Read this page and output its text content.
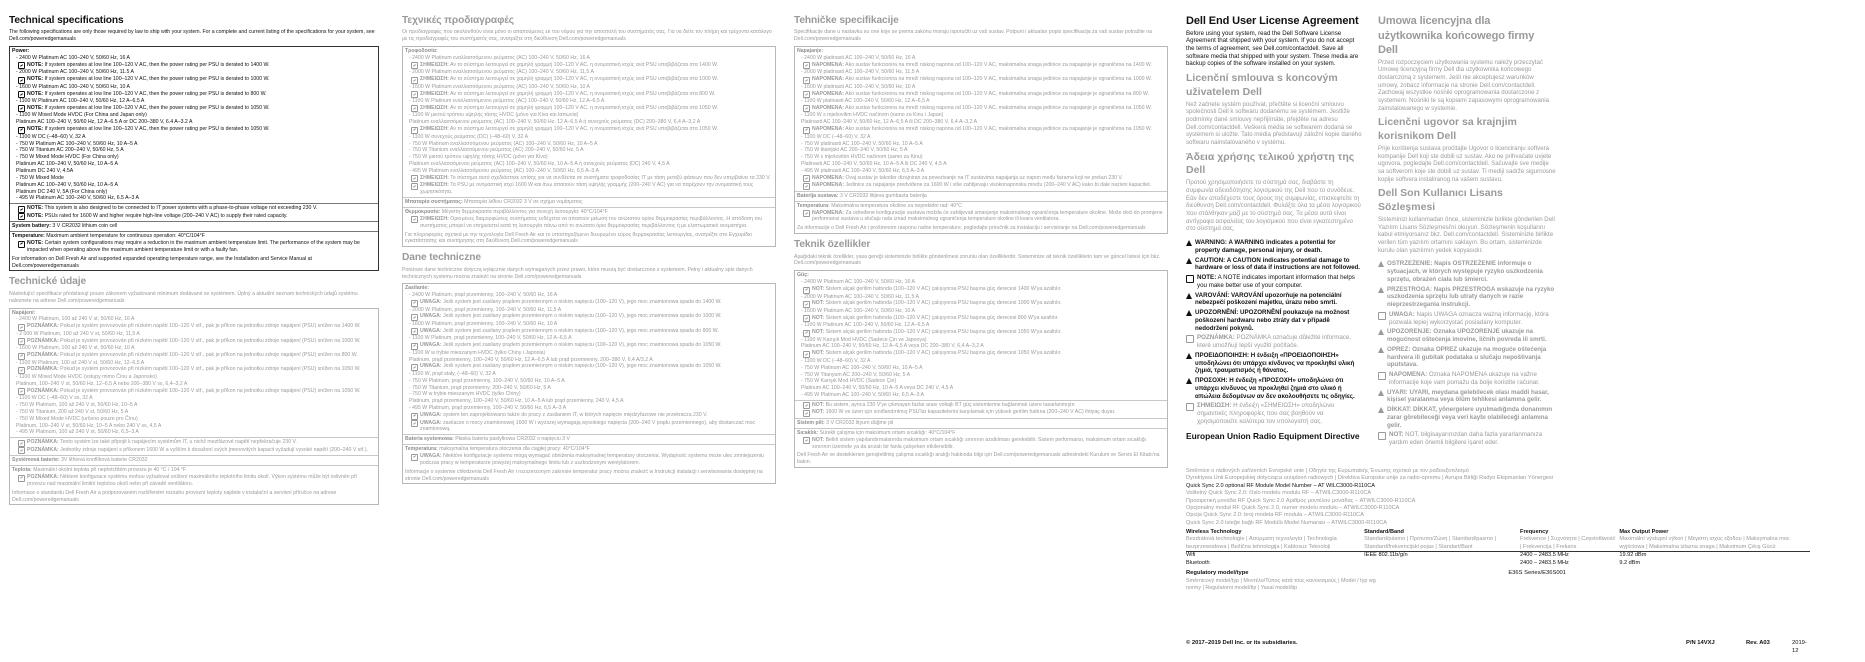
Technical specifications

The following specifications are only those required by law to ship with your system. For a complete and current listing of the specifications for your system, see Dell.com/poweredgemanuals

Power:
- 2400 W Platinum AC 100–240 V, 50/60 Hz, 16 A
NOTE: If system operates at low line 100–120 V AC, then the power rating per PSU is derated to 1400 W.
- 2000 W Platinum AC 100–240 V, 50/60 Hz, 11.5 A
NOTE: If system operates at low line 100–120 V AC, then the power rating per PSU is derated to 1000 W.
- 1600 W Platinum AC 100–240 V, 50/60 Hz, 10 A
NOTE: If system operates at low line 100–120 V AC, then the power rating per PSU is derated to 800 W.
- 1100 W Platinum AC 100–240 V, 50/60 Hz, 12 A–6.5 A
NOTE: If system operates at low line 100–120 V AC, then the power rating per PSU is derated to 1050 W.
- 1100 W Mixed Mode HVDC (For China and Japan only)
Platinum AC 100–240 V, 50/60 Hz, 12 A–6.5 A or DC 200–380 V, 6.4 A–3.2 A
NOTE: If system operates at low line 100–120 V AC, then the power rating per PSU is derated to 1050 W.
- 1100 W DC (–48–60) V, 32 A
- 750 W Platinum AC 100–240 V, 50/60 Hz, 10 A–5 A
- 750 W Titanium AC 200–240 V, 50/60 Hz, 5 A
- 750 W Mixed Mode HVDC (For China only)
Platinum AC 100–240 V, 50/60 Hz, 10 A–5 A
Platinum DC 240 V, 4.5A
- 750 W Mixed Mode
Platinum AC 100–240 V, 50/60 Hz, 10 A–5 A
Platinum DC 240 V, 5A (For China only)
- 495 W Platinum AC 100–240 V, 50/60 Hz, 6.5 A–3 A
NOTE: This system is also designed to be connected to IT power systems with a phase-to-phase voltage not exceeding 230 V.
NOTE: PSUs rated for 1600 W and higher require high-line voltage (200–240 V AC) to supply their rated capacity.
System battery: 3 V CR2032 lithium coin cell
Temperature: Maximum ambient temperature for continuous operation: 40°C/104°F
NOTE: Certain system configurations may require a reduction in the maximum ambient temperature limit. The performance of the system may be impacted when operating above the maximum ambient temperature limit or with a faulty fan.
For information on Dell Fresh Air and supported expanded operating temperature range, see the Installation and Service Manual at Dell.com/poweredgemanuals
Technické údaje

Následující specifikace představují pouze zákonem vyžadované minimum dodávané se systémem. Úplný a aktuální seznam technických údajů systému naleznete na adrese Dell.com/poweredgemanuals

Napájení:
- 2400 W Platinum, 100 až 240 V st, 50/60 Hz, 16 A
POZNÁMKA: Pokud je systém provozován při nízkém napětí 100–120 V stř., pak je příkon na jednotku zdroje napájení (PSU) snížen na 1400 W.
- 2 000 W Platinum, 100 až 240 V st, 50/60 Hz, 11,5 A
POZNÁMKA: Pokud je systém provozován při nízkém napětí 100–120 V stř., pak je příkon na jednotku zdroje napájení (PSU) snížen na 1000 W.
- 1600 W Platinum, 100 až 240 V st, 50/60 Hz, 10 A
POZNÁMKA: Pokud je systém provozován při nízkém napětí 100–120 V stř., pak je příkon na jednotku zdroje napájení (PSU) snížen na 800 W.
- 1100 W Platinum, 100 až 240 V st, 50/60 Hz, 12–6,5 A
POZNÁMKA: Pokud je systém provozován při nízkém napětí 100–120 V stř., pak je příkon na jednotku zdroje napájení (PSU) snížen na 1050 W.
- 1100 W Mixed Mode HVDC (vstupy mimo Čínu a Japonsko)
Platinum, 100–240 V st, 50/60 Hz, 12–6,5 A nebo 200–380 V ss, 6,4–3,2 A
POZNÁMKA: Pokud je systém provozován při nízkém napětí 100–120 V stř., pak je příkon na jednotku zdroje napájení (PSU) snížen na 1050 W.
- 1100 W DC (–48–60) V ss, 32 A
- 750 W Platinum, 100 až 240 V st, 50/60 Hz, 10–5 A
- 750 W Titanium, 200 až 240 V st, 50/60 Hz, 5 A
- 750 W Mixed Mode HVDC (určeno pouze pro Čínu)
Platinum, 100–240 V st, 50/60 Hz, 10–5 A nebo 240 V ss, 4,5 A
- 495 W Platinum, 100 až 240 V st, 50/60 Hz, 6,5–3 A
POZNÁMKA: Tento systém lze také připojit k napájecím systémům IT, u nichž mezifázové napětí nepřekračuje 230 V.
POZNÁMKA: Jednotky zdroje napájení s příkonem 1600 W a vyšším k dosažení svých jmenovitých kapacit vyžadují vysoké napětí (200–240 V stř.).
Systémová baterie: 3V lithiová knoflíková baterie CR2032
Teplota: Maximální okolní teplota při nepřetržitém provozu je 40 °C / 104 °F
POZNÁMKA: Některé konfigurace systému mohou vyžadovat snížení maximálního teplotního limitu okolí. Výkon systému může být ovlivněn při provozu nad maximální limitní teplotou okolí nebo při závadě ventilátoru.
Informace o standardu Dell Fresh Air a podporovaném rozšířeném rozsahu provozní teploty najdete v instalační a servisní příručce na adrese Dell.com/poweredgemanuals
Τεχνικές προδιαγραφές

Οι προδιαγραφές που ακολουθούν είναι μόνο οι απαιτούμενες εκ του νόμου για την αποστολή του συστήματός σας. Για να δείτε τον πλήρη και τρέχοντα κατάλογο με τις προδιαγραφές του συστήματός σας, ανατρέξτε στη διεύθυνση Dell.com/poweredgemanuals

Τροφοδοσία:
- 2400 W Platinum εναλλασσόμενου ρεύματος (AC) 100–240 V, 50/60 Hz, 16 A
ΣΗΜΕΙΩΣΗ: Αν το σύστημα λειτουργεί σε χαμηλή γραμμή 100–120 V AC, η ονομαστική ισχύς ανά PSU υποβιβάζεται στα 1400 W.
- 2000 W Platinum εναλλασσόμενου ρεύματος (AC) 100–240 V, 50/60 Hz, 11,5 A
ΣΗΜΕΙΩΣΗ: Αν το σύστημα λειτουργεί σε χαμηλή γραμμή 100–120 V AC, η ονομαστική ισχύς ανά PSU υποβιβάζεται στα 1000 W.
- 1600 W Platinum εναλλασσόμενου ρεύματος (AC) 100–240 V, 50/60 Hz, 10 A
ΣΗΜΕΙΩΣΗ: Αν το σύστημα λειτουργεί σε χαμηλή γραμμή 100–120 V AC, η ονομαστική ισχύς ανά PSU υποβιβάζεται στα 800 W.
- 1100 W Platinum εναλλασσόμενου ρεύματος (AC) 100–240 V, 50/60 Hz, 12 A–6,5 A
ΣΗΜΕΙΩΣΗ: Αν το σύστημα λειτουργεί σε χαμηλή γραμμή 100–120 V AC, η ονομαστική ισχύς ανά PSU υποβιβάζεται στα 1050 W.
- 1100 W μικτού τρόπου υψηλής τάσης HVDC (μόνο για Κίνα και Ιαπωνία)
Platinum εναλλασσόμενου ρεύματος (AC) 100–240 V, 50/60 Hz, 12 A–6,5 A ή συνεχούς ρεύματος (DC) 200–380 V, 6,4 A–3,2 A
ΣΗΜΕΙΩΣΗ: Αν το σύστημα λειτουργεί σε χαμηλή γραμμή 100–120 V AC, η ονομαστική ισχύς ανά PSU υποβιβάζεται στα 1050 W.
- 1100 W συνεχούς ρεύματος (DC) (–48–60) V, 32 A
- 750 W Platinum εναλλασσόμενου ρεύματος (AC) 100–240 V, 50/60 Hz, 10 A–5 A
- 750 W Titanium εναλλασσόμενου ρεύματος (AC) 200–240 V, 50/60 Hz, 5 A
- 750 W μικτού τρόπου υψηλής τάσης HVDC (μόνο για Κίνα)
Platinum εναλλασσόμενου ρεύματος (AC) 100–240 V, 50/60 Hz, 10 A–5 A ή συνεχούς ρεύματος (DC) 240 V, 4,5 A
- 495 W Platinum εναλλασσόμενου ρεύματος (AC) 100–240 V, 50/60 Hz, 6,5 A–3 A
ΣΗΜΕΙΩΣΗ: Το σύστημα αυτό σχεδιάστηκε επίσης για να συνδέεται σε συστήματα τροφοδοσίας IT με τάση μεταξύ φάσεων που δεν υπερβαίνει τα 230 V.
ΣΗΜΕΙΩΣΗ: Τα PSU με ονομαστική ισχύ 1600 W και άνω απαιτούν τάση υψηλής γραμμής (200–240 V AC) για να παρέχουν την ονομαστική τους χωρητικότητα.
Μπαταρία συστήματος: Μπαταρία λιθίου CR2032 3 V σε σχήμα νομίσματος
Θερμοκρασία: Μέγιστη θερμοκρασία περιβάλλοντος για συνεχή λειτουργία: 40°C/104°F
ΣΗΜΕΙΩΣΗ: Ορισμένες διαμορφώσεις συστήματος ενδέχεται να απαιτούν μείωση του ανώτατου ορίου θερμοκρασίας περιβάλλοντος. Η απόδοση του συστήματος μπορεί να επηρεαστεί κατά τη λειτουργία πάνω από το ανώτατο όριο θερμοκρασίας περιβάλλοντος ή με ελαττωματικό ανεμιστήρα.
Για πληροφορίες σχετικά με την τεχνολογία Dell Fresh Air και το υποστηριζόμενο διευρυμένο εύρος θερμοκρασίας λειτουργίας, ανατρέξτε στο Εγχειρίδιο εγκατάστασης και συντήρησης στη διεύθυνση Dell.com/poweredgemanuals
Dane techniczne

Poniższe dane techniczne dotyczą wyłącznie danych wymaganych przez prawo, które muszą być dostarczone z systemem. Pełny i aktualny spis danych technicznych systemu można znaleźć na stronie Dell.com/poweredgemanuals

Zasilanie:
- 2400 W Platinum, prąd przemienny, 100–240 V, 50/60 Hz, 16 A
UWAGA: Jeśli system jest zasilany prądem przemiennym o niskim napięciu (100–120 V), jego moc znamionowa spada do 1400 W.
- 2000 W Platinum, prąd przemienny, 100–240 V, 50/60 Hz, 11,5 A
UWAGA: Jeśli system jest zasilany prądem przemiennym o niskim napięciu (100–120 V), jego moc znamionowa spada do 1000 W.
- 1600 W Platinum, prąd przemienny, 100–240 V, 50/60 Hz, 10 A
UWAGA: Jeśli system jest zasilany prądem przemiennym o niskim napięciu (100–120 V), jego moc znamionowa spada do 800 W.
- 1100 W Platinum, prąd przemienny, 100–240 V, 50/60 Hz, 12 A–6,5 A
UWAGA: Jeśli system jest zasilany prądem przemiennym o niskim napięciu (100–120 V), jego moc znamionowa spada do 1050 W.
- 1100 W w trybie mieszanym HVDC (tylko Chiny i Japonia)
Platinum, prąd przemienny, 100–240 V, 50/60 Hz, 12 A–6,5 A lub prąd przemienny, 200–380 V, 6,4 A/3,2 A
UWAGA: Jeśli system jest zasilany prądem przemiennym o niskim napięciu (100–120 V), jego moc znamionowa spada do 1050 W.
- 1100 W, prąd stały, (–48–60) V, 32 A
- 750 W Platinum, prąd przemienny, 100–240 V, 50/60 Hz, 10 A–5 A
- 750 W Titanium, prąd przemienny, 200–240 V, 50/60 Hz, 5 A
- 750 W w trybie mieszanym HVDC (tylko Chiny)
Platinum, prąd przemienny, 100–240 V, 50/60 Hz, 10 A–5 A lub prąd przemienny, 240 V, 4,5 A
- 495 W Platinum, prąd przemienny, 100–240 V, 50/60 Hz, 6,5 A–3 A
UWAGA: system ten zaprojektowano także do pracy z zasilaniem IT, w których napięcie międzyfazowe nie przekracza 230 V.
UWAGA: zasilacze o mocy znamionowej 1600 W i wyższej wymagają wysokiego napięcia (200–240 V prądu przemiennego), aby dostarczać moc znamionową.
Bateria systemowa: Płaska bateria pastylkowa CR2032 o napięciu 3 V
Temperatura: maksymalna temperatura otoczenia dla ciągłej pracy: 40°C/104°F
UWAGA: Niektóre konfiguracje systemu mogą wymagać obniżenia maksymalnej temperatury otoczenia. Wydajność systemu może ulec zmniejszeniu podczas pracy w temperaturze powyżej maksymalnego limitu lub z uszkodzonym wentylatorem.
Informacje o systemie chłodzenia Dell Fresh Air i rozszerzonym zakresie temperatur pracy można znaleźć w Instrukcji instalacji i serwisowania dostępnej na stronie Dell.com/poweredgemanuals
Tehničke specifikacije

Specifikacije dane u nastavku su one koje se prema zakonu moraju isporučiti uz vaš sustav. Potpuni i aktualan popis specifikacija za vaš sustav potražite na Dell.com/poweredgemanuals

Napajanje:
- 2400 W platinasti AC 100–240 V, 50/60 Hz, 16 A
NAPOMENA: Ako sustav funkcionira na mreži niskog napona od 100–120 V AC, maksimalna snaga jedinice za napajanje je ograničena na 1400 W.
- 2000 W platinasti AC 100–240 V, 50/60 Hz, 11,5 A
NAPOMENA: Ako sustav funkcionira na mreži niskog napona od 100–120 V AC, maksimalna snaga jedinice za napajanje je ograničena na 1000 W.
- 1600 W platinasti AC 100–240 V, 50/60 Hz, 10 A
NAPOMENA: Ako sustav funkcionira na mreži niskog napona od 100–120 V AC, maksimalna snaga jedinice za napajanje je ograničena na 800 W.
- 1100 W platinasti AC 100–240 V, 50/60 Hz, 12 A–6,5 A
NAPOMENA: Ako sustav funkcionira na mreži niskog napona od 100–120 V AC, maksimalna snaga jedinice za napajanje je ograničena na 1050 W.
- 1100 W s mješovitim HVDC načinom (samo za Kinu i Japan)
Platinasti AC 100–240 V, 50/60 Hz, 12 A–6,5 A ili DC 200–380 V, 6,4 A–3,2 A
NAPOMENA: Ako sustav funkcionira na mreži niskog napona od 100–120 V AC, maksimalna snaga jedinice za napajanje je ograničena na 1050 W.
- 1100 W DC (–48–60) V, 32 A
- 750 W platinasti AC 100–240 V, 50/60 Hz, 10 A–5 A
- 750 W titanijski AC 200–240 V, 50/60 Hz, 5 A
- 750 W s mješovitim HVDC načinom (samo za Kinu)
Platinasti AC 100–240 V, 50/60 Hz, 10 A–5 A ili DC 240 V, 4,5 A
- 495 W platinasti AC 100–240 V, 50/60 Hz, 6,5 A–3 A
NAPOMENA: Ovaj sustav je također dizajniran za povezivanje na IT sustavima napajanja uz napon među fazama koji ne prelazi 230 V.
NAPOMENA: Jedinice za napajanje predviđene za 1600 W i više zahtijevaju visokonaponsku mrežu (200–240 V AC) kako bi dale nazivni kapacitet.
Baterija sustava: 3 V CR2032 litijeva gumbasta baterija
Temperatura: Maksimalna temperatura okoline za neprekidni rad: 40°C
NAPOMENA: Za određene konfiguracije sustava možda će zahtijevati smanjenje maksimalnog ograničenja temperature okoline. Može doći do promjene performansi sustava u slučaju rada iznad maksimalnog ograničenja temperature okoline ili kvara ventilatora.
Za informacije o Dell Fresh Air i proširenom rasponu radne temperature, pogledajte priručnik za instalaciju i servisiranje na Dell.com/poweredgemanuals
Teknik özellikler

Aşağıdaki teknik özellikler, yasa gereği sisteminizle birlikte gönderilmesi zorunlu olan özelliklerdir. Sisteminize ait teknik özelliklerin tam ve güncel listesi için bkz. Dell.com/poweredgemanuals

Güç:
- 2400 W Platinum AC 100–240 V, 50/60 Hz, 16 A
NOT: Sistem alçak gerilim hattında (100–120 V AC) çalışıyorsa PSU başına güç derecesi 1400 W'ya azaltılır.
- 2000 W Platinum AC 100–240 V, 50/60 Hz, 11,5 A
NOT: Sistem alçak gerilim hattında (100–120 V AC) çalışıyorsa PSU başına güç derecesi 1000 W'ya azaltılır.
- 1600 W Platinum AC 100–240 V, 50/60 Hz, 10 A
NOT: Sistem alçak gerilim hattında (100–120 V AC) çalışıyorsa PSU başına güç derecesi 800 W'ya azaltılır.
- 1100 W Platinum AC 100–240 V, 50/60 Hz, 12 A–6,5 A
NOT: Sistem alçak gerilim hattında (100–120 V AC) çalışıyorsa PSU başına güç derecesi 1050 W'ya azaltılır.
- 1100 W Karışık Mod HVDC (Sadece Çin ve Japonya)
Platinum AC 100–240 V, 50/60 Hz, 12 A–6,5 A veya DC 200–380 V, 6,4 A–3,2 A
NOT: Sistem alçak gerilim hattında (100–120 V AC) çalışıyorsa PSU başına güç derecesi 1050 W'ya azaltılır.
- 1100 W DC (–48–60) V, 32 A
- 750 W Platinum AC 100–240 V, 50/60 Hz, 10 A–5 A
- 750 W Titanyum AC 200–240 V, 50/60 Hz, 5 A
- 750 W Karışık Mod HVDC (Sadece Çin)
Platinum AC 100–240 V, 50/60 Hz, 10 A–5 A veya DC 240 V, 4,5 A
- 495 W Platinum AC 100–240 V, 50/60 Hz, 6,5 A–3 A
NOT: Bu sistem, ayrıca 230 V'ye çıkmayan fazlar arası voltajlı BT güç sistemlerine bağlanmak üzere tasarlanmıştır.
NOT: 1600 W ve üzeri için sınıflandırılmış PSU'lar kapasitelerini karşılamak için yüksek gerilim hattına (200–240 V AC) ihtiyaç duyar.
Sistem pili: 3 V CR2032 lityum düğme pil
Sıcaklık: Sürekli çalışma için maksimum ortam sıcaklığı: 40°C/104°F
NOT: Belirli sistem yapılandırmalarında maksimum ortam sıcaklığı sınırının azaltılması gerekebilir. Sistem performansı, maksimum ortam sıcaklığı sınırının üzerinde ya da arızalı bir fanla çalışırken etkilenebilir.
Dell Fresh Air ve desteklenen genişletilmiş çalışma sıcaklığı aralığı hakkında bilgi için Dell.com/poweredgemanuals adresindeki Kurulum ve Servis El Kitabı'na bakın.
Dell End User License Agreement

Before using your system, read the Dell Software License Agreement that shipped with your system. If you do not accept the terms of agreement, see Dell.com/contactdell. Save all software media that shipped with your system. These media are backup copies of the software installed on your system.

Licenční smlouva s koncovým uživatelem Dell

Než začnete systém používat, přečtěte si licenční smlouvu společnosti Dell k softwaru dodanému se systémem. Jestliže podmínky dané smlouvy nepřijímáte, přejděte na adresu Dell.com/contactdell. Veškerá média se softwarem dodaná se systémem si uložte. Tato média představují záložní kopie daného softwaru nainstalovaného v systému.

Άδεια χρήσης τελικού χρήστη της Dell

Προτού χρησιμοποιήσετε το σύστημά σας, διαβάστε τη συμφωνία αδειοδότησης λογισμικού της Dell που το συνόδευε. Εάν δεν αποδέχεστε τους όρους της συμφωνίας, επισκεφτείτε τη διεύθυνση Dell.com/contactdell. Φυλάξτε όλα τα μέσα λογισμικού που στάλθηκαν μαζί με το σύστημά σας. Τα μέσα αυτά είναι αντίγραφα ασφαλείας του λογισμικού που είναι εγκατεστημένο στο σύστημά σας.

WARNING: A WARNING indicates a potential for property damage, personal injury, or death.
CAUTION: A CAUTION indicates potential damage to hardware or loss of data if instructions are not followed.
NOTE: A NOTE indicates important information that helps you make better use of your computer.
VAROVÁNÍ: VAROVÁNÍ upozorňuje na potenciální nebezpečí poškození majetku, úrazu nebo smrti.
UPOZORNĚNÍ: UPOZORNĚNÍ poukazuje na možnost poškození hardwaru nebo ztráty dat v případě nedodržení pokynů.
POZNÁMKA: POZNÁMKA označuje důležité informace, které umožňují lepší využití počítače.
ΠΡΟΕΙΔΟΠΟΙΗΣΗ: Η ένδειξη «ΠΡΟΕΙΔΟΠΟΙΗΣΗ» υποδηλώνει ότι υπάρχει κίνδυνος να προκληθεί υλική ζημιά, τραυματισμός ή θάνατος.
ΠΡΟΣΟΧΗ: Η ένδειξη «ΠΡΟΣΟΧΗ» υποδηλώνει ότι υπάρχει κίνδυνος να προκληθεί ζημιά στο υλικό ή απώλεια δεδομένων αν δεν ακολουθήσετε τις οδηγίες.
ΣΗΜΕΙΩΣΗ: Η ένδειξη «ΣΗΜΕΙΩΣΗ» υποδηλώνει σημαντικές πληροφορίες που σας βοηθούν να χρησιμοποιείτε καλύτερα τον υπολογιστή σας.
European Union Radio Equipment Directive
Umowa licencyjna dla użytkownika końcowego firmy Dell

Przed rozpoczęciem użytkowania systemu należy przeczytać Umowę licencyjną firmy Dell dla użytkownika końcowego dostarczoną z systemem. Jeśli nie akceptujesz warunków umowy, zobacz informacje na stronie Dell.com/contactdell. Zachowaj wszystkie nośniki oprogramowania dostarczone z systemem. Nośniki te są kopiami zapasowymi oprogramowania zainstalowanego w systemie.

Licenčni ugovor sa krajnjim korisnikom Dell

Prije korištenja sustava pročitajte Ugovor o licenciranju softvera kompanije Dell koji ste dobili uz sustav. Ako ne prihvaćate uvjete ugovora, pogledajte Dell.com/contactdell. Sačuvajte sve medije sa softverom koje ste dobili uz sustav. Ti mediji sadrže sigurnosne kopije softvera instaliranog na vašem sustavu.

Dell Son Kullanıcı Lisans Sözleşmesi

Sisteminizi kullanmadan önce, sisteminizle birlikte gönderilen Dell Yazılım Lisans Sözleşmesi'ni okuyun. Sözleşmenin koşullarını kabul etmiyorsanız bkz. Dell.com/contactdell. Sisteminizle birlikte verilen tüm yazılım ortamını saklayın. Bu ortam, sisteminizde kurulu olan yazılımın yedek kopyasıdır.

OSTRZEŻENIE: Napis OSTRZEŻENIE informuje o sytuacjach, w których występuje ryzyko uszkodzenia sprzętu, obrażeń ciała lub śmierci.
PRZESTROGA: Napis PRZESTROGA wskazuje na ryzyko uszkodzenia sprzętu lub utraty danych w razie nieprzestrzegania instrukcji.
UWAGA: Napis UWAGA oznacza ważną informację, która pozwala lepiej wykorzystać posiadany komputer.
UPOZORENJE: Oznaka UPOZORENJE ukazuje na mogućnost oštećenja imovine, ličnih povreda ili smrti.
OPREZ: Oznaka OPREZ ukazuje na moguće oštećenja hardvera ili gubitak podataka u slučaju nepoštivanja uputstava.
NAPOMENA: Oznaka NAPOMENA ukazuje na važne informacije koje vam pomažu da bolje koristite računar.
UYARI: UYARI, meydana gelebilecek olası maddi hasar, kişisel yaralanma veya ölüm tehlikesi anlamına gelir.
DİKKAT: DİKKAT, yönergelere uyulmadığında donanımın zarar görebileceği veya veri kaybı olabileceği anlamına gelir.
NOT: NOT, bilgisayarınızdan daha fazla yararlanmanıza yardım eden önemli bilgilere işaret eder.
Směrnice o rádiových zařízeních Evropské unie | Οδηγία της Ευρωπαϊκής Ένωσης σχετικά με τον ραδιοεξοπλισμό
Dyrektywa Unii Europejskiej dotycząca urządzeń radiowych | Direktiva Europske unije za radio-opremu | Avrupa Birliği Radyo Ekipmanları Yönergesi
Quick Sync 2.0 optional RF Module Model Number – AT WILC3000-R110CA
Volitelný Quick Sync 2.0: číslo modelu modulu RF – ATWILC3000-R110CA
Προαιρετική μονάδα RF Quick Sync 2.0 Αριθμός μοντέλου μονάδας – ATWILC3000-R110CA
Opcjonalny moduł RF Quick Sync 2.0, numer modelu modułu – ATWILC3000-R110CA
Opcija Quick Sync 2.0: broj modela RF modula – ATWILC3000-R110CA
Quick Sync 2.0 isteğe bağlı RF Modülü Model Numarası – ATWILC3000-R110CA
Wireless Technology	Standard/Band	Frequency	Max Output Power
Bezdrátová technologie | Ασύρματη τεχνολογία | Technologia bezprzewodowa | Bežična tehnologija | Kablosuz Teknoloji	Standard/pásmo | Πρότυπο/Ζώνη | Standard/pasmo | Standard/frekvencijski pojas | Standart/Bant	Frekvence | Συχνότητα | Częstotliwość | Frekvencija | Frekans	Maximální výstupní výkon | Μέγιστη ισχύς εξόδου | Maksymalna moc wyjściowa | Maksimalna izlazna snaga | Maksimum Çıkış Gücü
Wifi	IEEE 802.11b/g/n	2400 – 2483.5 MHz	19.92 dBm
Bluetooth		2400 – 2483.5 MHz	9.2 dBm
Regulatory model/type	E36S Series/E36S001
Směrnicový model/typ | Μοντέλο/Τύπος κατά τους κανονισμούς | Model / typ wg normy | Regulatorni model/tip | Yasal model/tip
© 2017–2019 Dell Inc. or its subsidiaries.	P/N 14VXJ	Rev. A03	2019-12
